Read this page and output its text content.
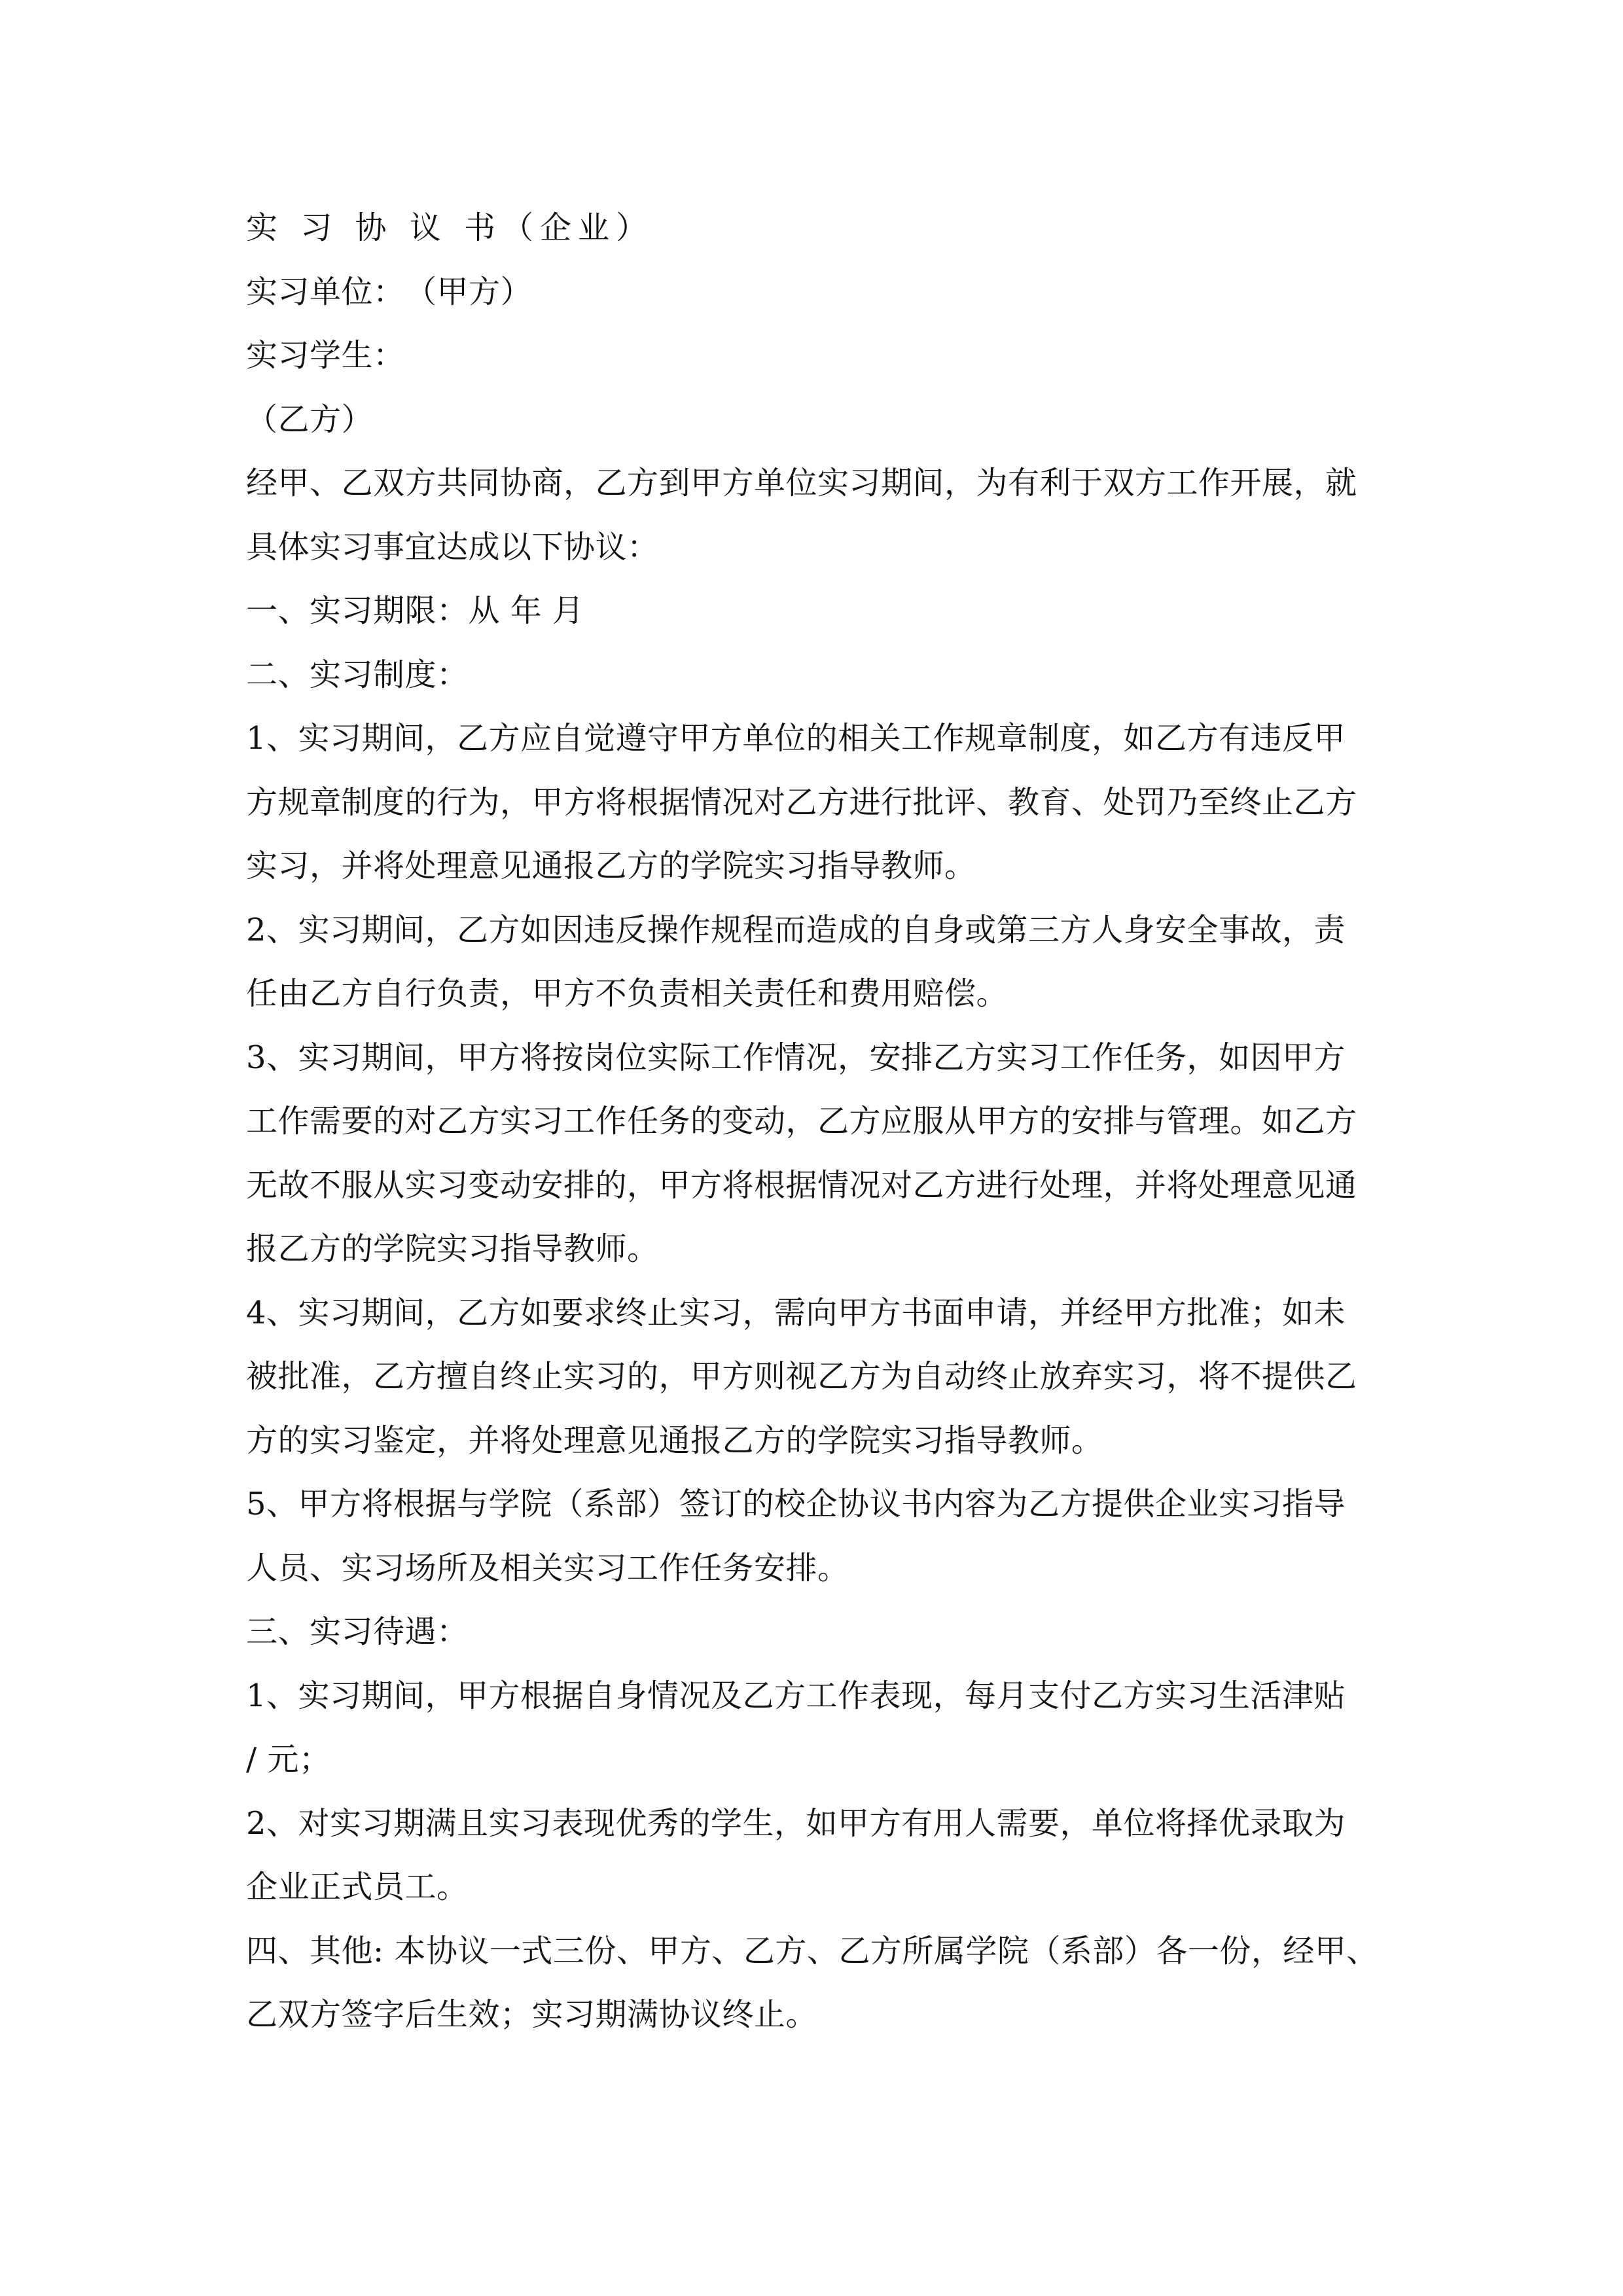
实 习 协 议 书（企业）
实习单位：　（甲方）
实习学生：
（乙方）
经甲、乙双方共同协商，乙方到甲方单位实习期间，为有利于双方工作开展，就
具体实习事宜达成以下协议：
一、实习期限：从 年 月
二、实习制度：
1、实习期间，乙方应自觉遵守甲方单位的相关工作规章制度，如乙方有违反甲
方规章制度的行为，甲方将根据情况对乙方进行批评、教育、处罚乃至终止乙方
实习，并将处理意见通报乙方的学院实习指导教师。
2、实习期间，乙方如因违反操作规程而造成的自身或第三方人身安全事故，责
任由乙方自行负责，甲方不负责相关责任和费用赔偿。
3、实习期间，甲方将按岗位实际工作情况，安排乙方实习工作任务，如因甲方
工作需要的对乙方实习工作任务的变动，乙方应服从甲方的安排与管理。如乙方
无故不服从实习变动安排的，甲方将根据情况对乙方进行处理，并将处理意见通
报乙方的学院实习指导教师。
4、实习期间，乙方如要求终止实习，需向甲方书面申请，并经甲方批准；如未
被批准，乙方擅自终止实习的，甲方则视乙方为自动终止放弃实习，将不提供乙
方的实习鉴定，并将处理意见通报乙方的学院实习指导教师。
5、甲方将根据与学院（系部）签订的校企协议书内容为乙方提供企业实习指导
人员、实习场所及相关实习工作任务安排。
三、实习待遇：
1、实习期间，甲方根据自身情况及乙方工作表现，每月支付乙方实习生活津贴
/ 元；
2、对实习期满且实习表现优秀的学生，如甲方有用人需要，单位将择优录取为
企业正式员工。
四、其他: 本协议一式三份、甲方、乙方、乙方所属学院（系部）各一份，经甲、
乙双方签字后生效；实习期满协议终止。
